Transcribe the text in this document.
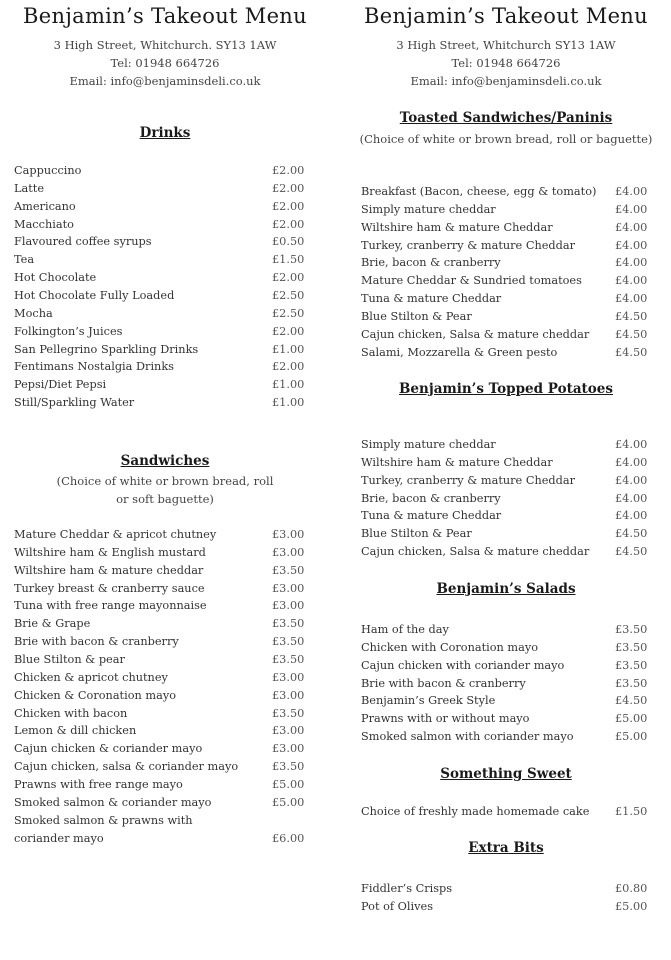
Benjamin’s Takeout Menu
3 High Street, Whitchurch. SY13 1AW
Tel: 01948 664726
Email: info@benjaminsdeli.co.uk
Drinks
Cappuccino	£2.00
Latte	£2.00
Americano	£2.00
Macchiato	£2.00
Flavoured coffee syrups	£0.50
Tea	£1.50
Hot Chocolate	£2.00
Hot Chocolate Fully Loaded	£2.50
Mocha	£2.50
Folkington’s Juices	£2.00
San Pellegrino Sparkling Drinks	£1.00
Fentimans Nostalgia Drinks	£2.00
Pepsi/Diet Pepsi	£1.00
Still/Sparkling Water	£1.00
Sandwiches
(Choice of white or brown bread, roll
or soft baguette)
Mature Cheddar & apricot chutney	£3.00
Wiltshire ham & English mustard	£3.00
Wiltshire ham & mature cheddar	£3.50
Turkey breast & cranberry sauce	£3.00
Tuna with free range mayonnaise	£3.00
Brie & Grape	£3.50
Brie with bacon & cranberry	£3.50
Blue Stilton & pear	£3.50
Chicken & apricot chutney	£3.00
Chicken & Coronation mayo	£3.00
Chicken with bacon	£3.50
Lemon & dill chicken	£3.00
Cajun chicken & coriander mayo	£3.00
Cajun chicken, salsa & coriander mayo	£3.50
Prawns with free range mayo	£5.00
Smoked salmon & coriander mayo	£5.00
Smoked salmon & prawns with coriander mayo	£6.00
Benjamin’s Takeout Menu
3 High Street, Whitchurch SY13 1AW
Tel: 01948 664726
Email: info@benjaminsdeli.co.uk
Toasted Sandwiches/Paninis
(Choice of white or brown bread, roll or baguette)
Breakfast (Bacon, cheese, egg & tomato) £4.00
Simply mature cheddar	£4.00
Wiltshire ham & mature Cheddar	£4.00
Turkey, cranberry & mature Cheddar	£4.00
Brie, bacon & cranberry	£4.00
Mature Cheddar & Sundried tomatoes	£4.00
Tuna & mature Cheddar	£4.00
Blue Stilton & Pear	£4.50
Cajun chicken, Salsa & mature cheddar £4.50
Salami, Mozzarella & Green pesto	£4.50
Benjamin’s Topped Potatoes
Simply mature cheddar	£4.00
Wiltshire ham & mature Cheddar	£4.00
Turkey, cranberry & mature Cheddar	£4.00
Brie, bacon & cranberry	£4.00
Tuna & mature Cheddar	£4.00
Blue Stilton & Pear	£4.50
Cajun chicken, Salsa & mature cheddar £4.50
Benjamin’s Salads
Ham of the day	£3.50
Chicken with Coronation mayo	£3.50
Cajun chicken with coriander mayo	£3.50
Brie with bacon & cranberry	£3.50
Benjamin’s Greek Style	£4.50
Prawns with or without mayo	£5.00
Smoked salmon with coriander mayo	£5.00
Something Sweet
Choice of freshly made homemade cake £1.50
Extra Bits
Fiddler’s Crisps	£0.80
Pot of Olives	£5.00
